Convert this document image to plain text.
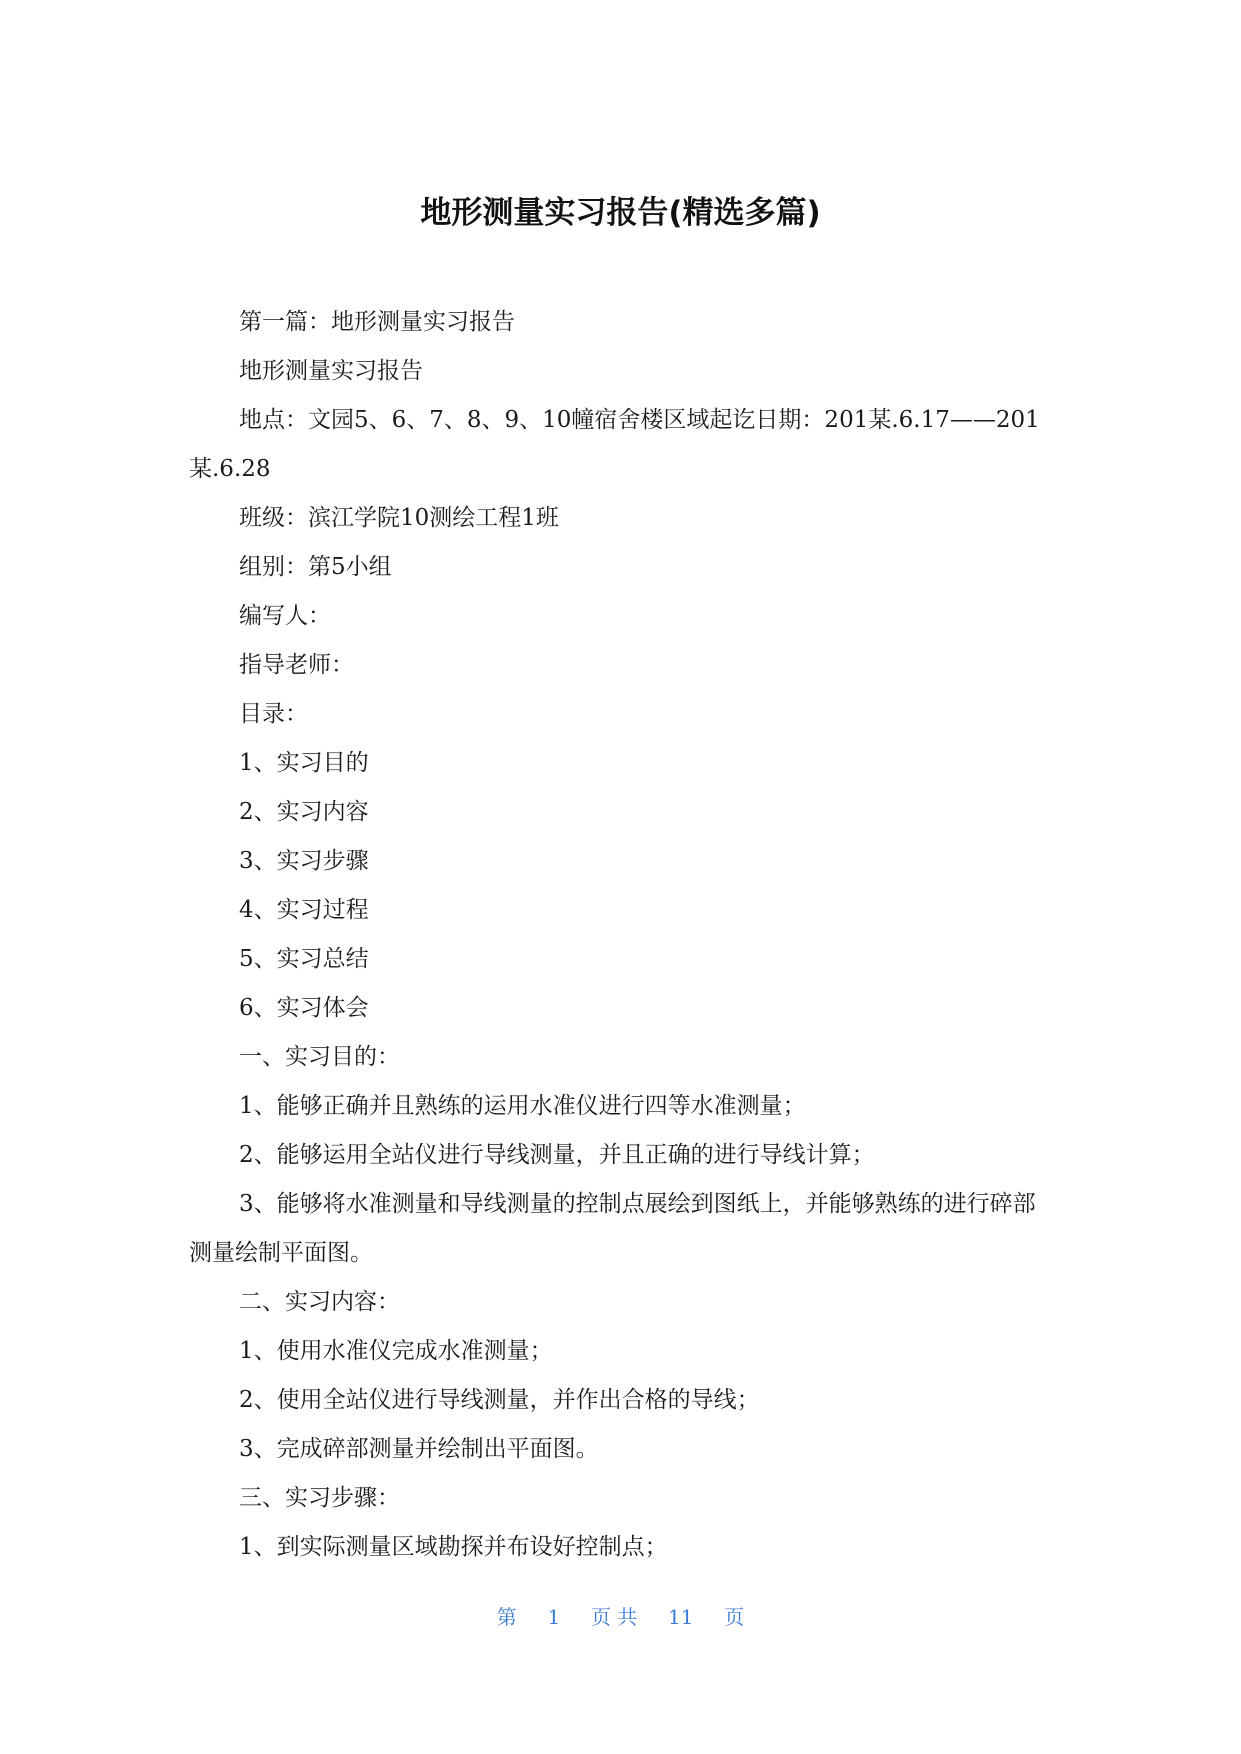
地形测量实习报告(精选多篇)

第一篇：地形测量实习报告

地形测量实习报告

地点：文园5、6、7、8、9、10幢宿舍楼区域起讫日期：201某.6.17——201某.6.28

班级：滨江学院10测绘工程1班

组别：第5小组

编写人：

指导老师：

目录：

1、实习目的

2、实习内容

3、实习步骤

4、实习过程

5、实习总结

6、实习体会

一、实习目的：

1、能够正确并且熟练的运用水准仪进行四等水准测量；

2、能够运用全站仪进行导线测量，并且正确的进行导线计算；

3、能够将水准测量和导线测量的控制点展绘到图纸上，并能够熟练的进行碎部测量绘制平面图。

二、实习内容：

1、使用水准仪完成水准测量；

2、使用全站仪进行导线测量，并作出合格的导线；

3、完成碎部测量并绘制出平面图。

三、实习步骤：

1、到实际测量区域勘探并布设好控制点；

第 1 页 共 11 页
